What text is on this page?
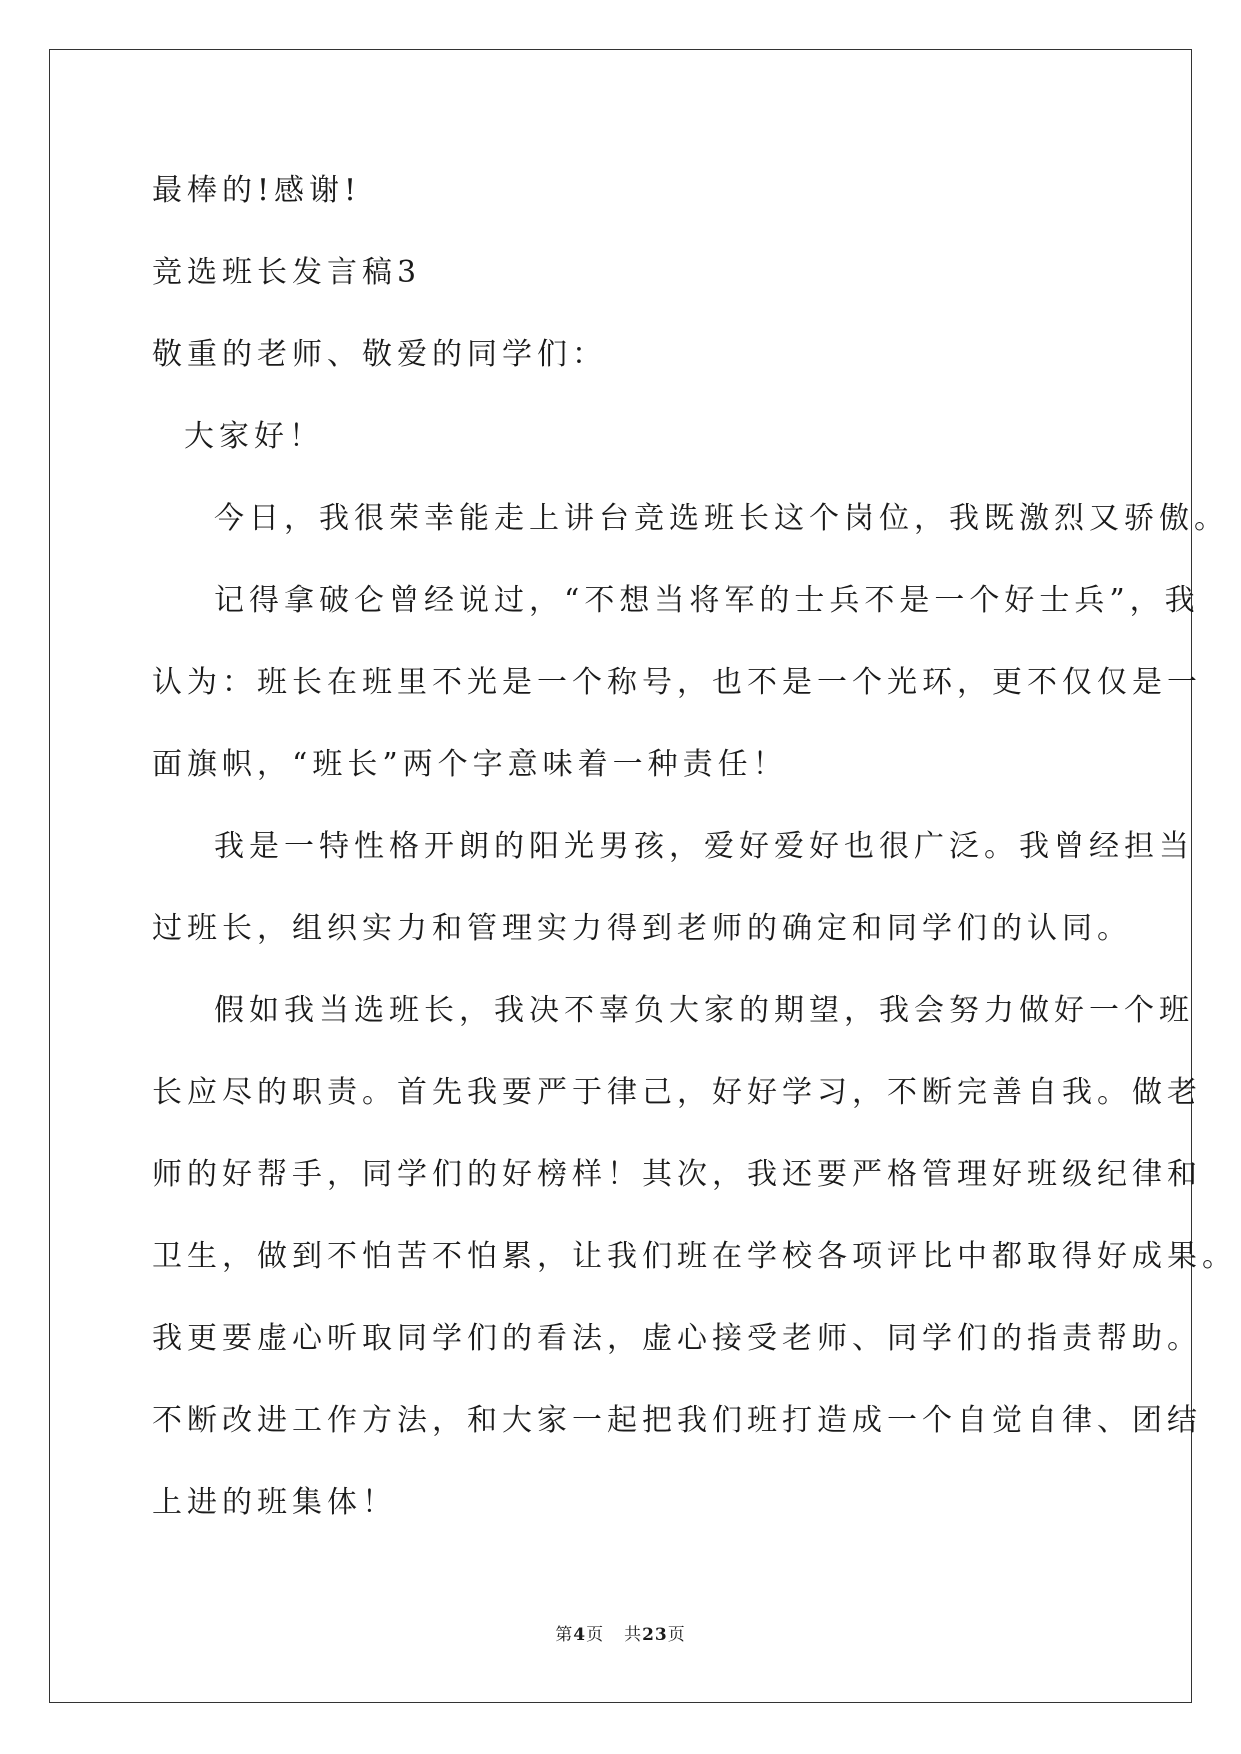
最棒的!感谢!
竞选班长发言稿3
敬重的老师、敬爱的同学们：
大家好！
今日，我很荣幸能走上讲台竞选班长这个岗位，我既激烈又骄傲。
记得拿破仑曾经说过，“不想当将军的士兵不是一个好士兵”，我
认为：班长在班里不光是一个称号，也不是一个光环，更不仅仅是一
面旗帜，“班长”两个字意味着一种责任！
我是一特性格开朗的阳光男孩，爱好爱好也很广泛。我曾经担当
过班长，组织实力和管理实力得到老师的确定和同学们的认同。
假如我当选班长，我决不辜负大家的期望，我会努力做好一个班
长应尽的职责。首先我要严于律己，好好学习，不断完善自我。做老
师的好帮手，同学们的好榜样！其次，我还要严格管理好班级纪律和
卫生，做到不怕苦不怕累，让我们班在学校各项评比中都取得好成果。
我更要虚心听取同学们的看法，虚心接受老师、同学们的指责帮助。
不断改进工作方法，和大家一起把我们班打造成一个自觉自律、团结
上进的班集体！
第4页 共23页
